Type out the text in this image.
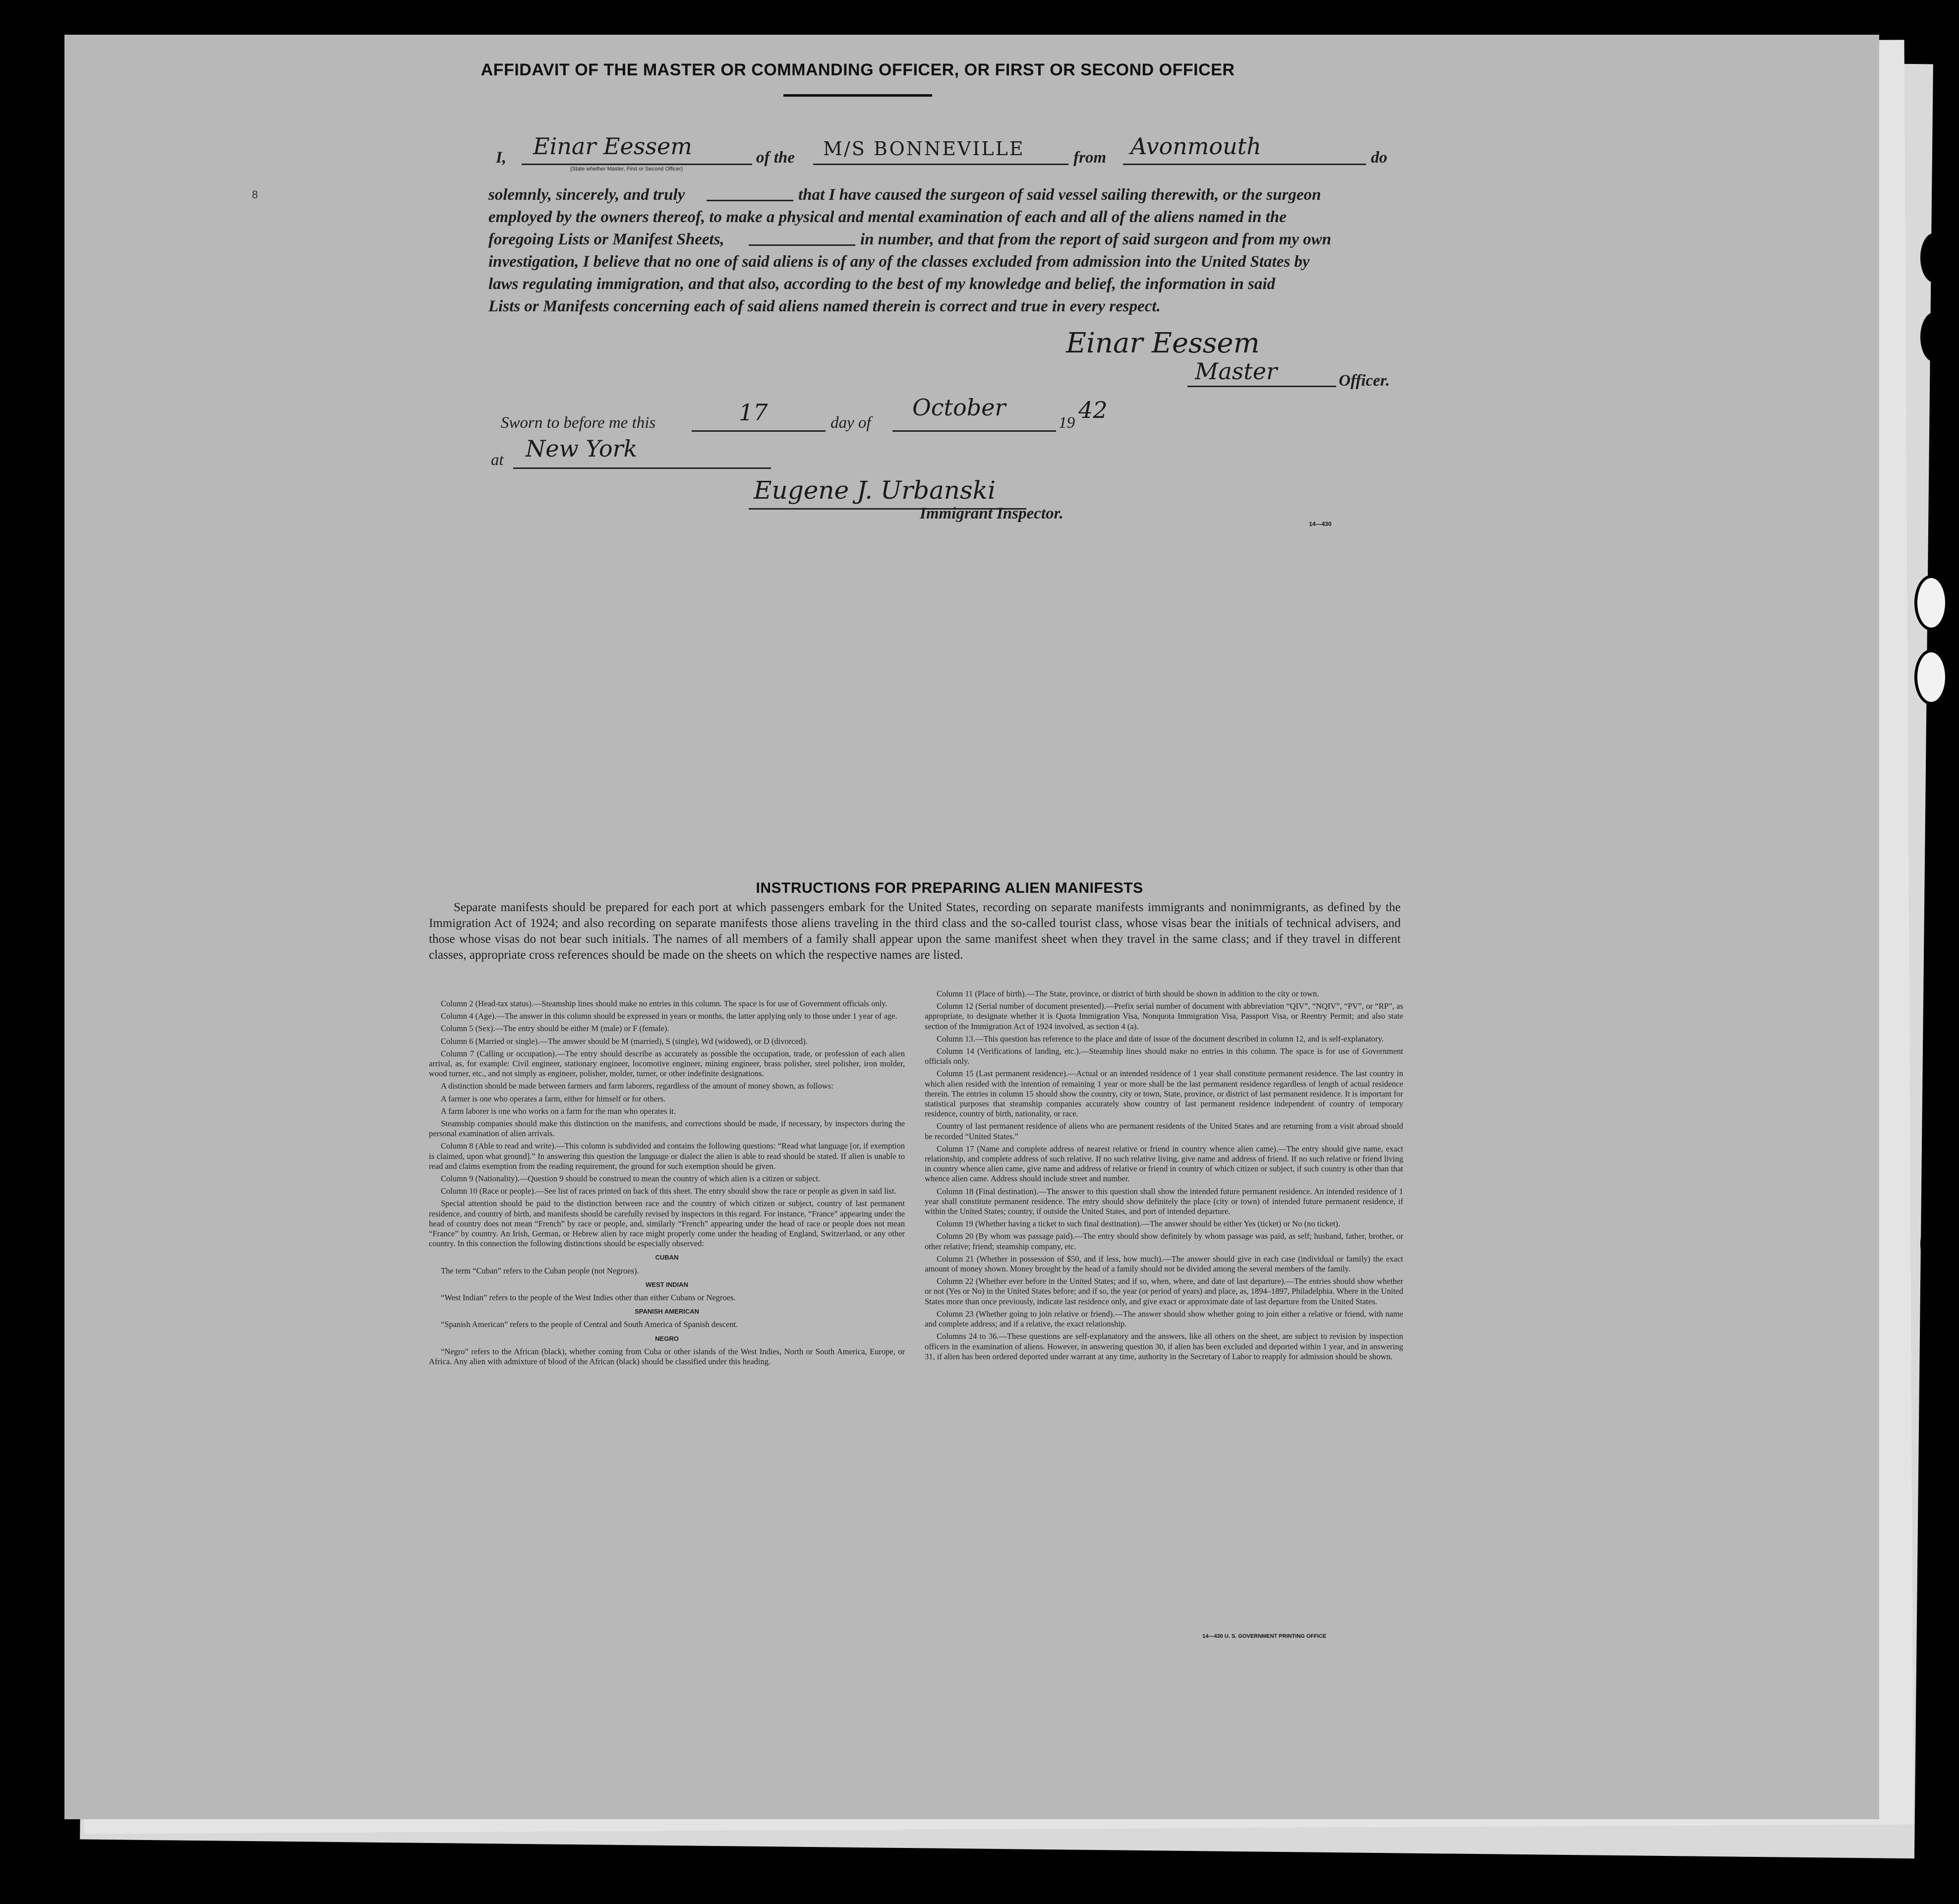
8
AFFIDAVIT OF THE MASTER OR COMMANDING OFFICER, OR FIRST OR SECOND OFFICER
I, Einar Eessem
(State whether Master, First or Second Officer)
of the M/S BONNEVILLE	from Avonmouth	do
solemnly, sincerely, and truly	that I have caused the surgeon of said vessel sailing therewith, or the surgeon
employed by the owners thereof, to make a physical and mental examination of each and all of the aliens named in the
foregoing Lists or Manifest Sheets,	in number, and that from the report of said surgeon and from my own
investigation, I believe that no one of said aliens is of any of the classes excluded from admission into the United States by
laws regulating immigration, and that also, according to the best of my knowledge and belief, the information in said
Lists or Manifests concerning each of said aliens named therein is correct and true in every respect.
Einar Eessem
Master	Officer.
Sworn to before me this	17	day of
October
19 42
at New York
Eugene J. Urbanski
Immigrant Inspector.
14—430
INSTRUCTIONS FOR PREPARING ALIEN MANIFESTS
Separate manifests should be prepared for each port at which passengers embark for the United States, recording on separate manifests immigrants and nonimmigrants, as defined by the Immigration Act of 1924; and also recording on separate manifests those aliens traveling in the third class and the so-called tourist class, whose visas bear the initials of technical advisers, and those whose visas do not bear such initials. The names of all members of a family shall appear upon the same manifest sheet when they travel in the same class; and if they travel in different classes, appropriate cross references should be made on the sheets on which the respective names are listed.

Column 2 (Head-tax status).—Steamship lines should make no entries in this column. The space is for use of Government officials only.

Column 4 (Age).—The answer in this column should be expressed in years or months, the latter applying only to those under 1 year of age.

Column 5 (Sex).—The entry should be either M (male) or F (female).

Column 6 (Married or single).—The answer should be M (married), S (single), Wd (widowed), or D (divorced).

Column 7 (Calling or occupation).—The entry should describe as accurately as possible the occupation, trade, or profession of each alien arrival, as, for example: Civil engineer, stationary engineer, locomotive engineer, mining engineer, brass polisher, steel polisher, iron molder, wood turner, etc., and not simply as engineer, polisher, molder, turner, or other indefinite designations.

A distinction should be made between farmers and farm laborers, regardless of the amount of money shown, as follows:

A farmer is one who operates a farm, either for himself or for others.

A farm laborer is one who works on a farm for the man who operates it.

Steamship companies should make this distinction on the manifests, and corrections should be made, if necessary, by inspectors during the personal examination of alien arrivals.

Column 8 (Able to read and write).—This column is subdivided and contains the following questions: “Read what language [or, if exemption is claimed, upon what ground].” In answering this question the language or dialect the alien is able to read should be stated. If alien is unable to read and claims exemption from the reading requirement, the ground for such exemption should be given.

Column 9 (Nationality).—Question 9 should be construed to mean the country of which alien is a citizen or subject.

Column 10 (Race or people).—See list of races printed on back of this sheet. The entry should show the race or people as given in said list.

Special attention should be paid to the distinction between race and the country of which citizen or subject, country of last permanent residence, and country of birth, and manifests should be carefully revised by inspectors in this regard. For instance, “France” appearing under the head of country does not mean “French” by race or people, and, similarly “French” appearing under the head of race or people does not mean “France” by country. An Irish, German, or Hebrew alien by race might properly come under the heading of England, Switzerland, or any other country. In this connection the following distinctions should be especially observed:

CUBAN

The term “Cuban” refers to the Cuban people (not Negroes).

WEST INDIAN

“West Indian” refers to the people of the West Indies other than either Cubans or Negroes.

SPANISH AMERICAN

“Spanish American” refers to the people of Central and South America of Spanish descent.

NEGRO

“Negro” refers to the African (black), whether coming from Cuba or other islands of the West Indies, North or South America, Europe, or Africa. Any alien with admixture of blood of the African (black) should be classified under this heading.

Column 11 (Place of birth).—The State, province, or district of birth should be shown in addition to the city or town.

Column 12 (Serial number of document presented).—Prefix serial number of document with abbreviation “QIV”, “NQIV”, “PV”, or “RP”, as appropriate, to designate whether it is Quota Immigration Visa, Nonquota Immigration Visa, Passport Visa, or Reentry Permit; and also state section of the Immigration Act of 1924 involved, as section 4 (a).

Column 13.—This question has reference to the place and date of issue of the document described in column 12, and is self-explanatory.

Column 14 (Verifications of landing, etc.).—Steamship lines should make no entries in this column. The space is for use of Government officials only.

Column 15 (Last permanent residence).—Actual or an intended residence of 1 year shall constitute permanent residence. The last country in which alien resided with the intention of remaining 1 year or more shall be the last permanent residence regardless of length of actual residence therein. The entries in column 15 should show the country, city or town, State, province, or district of last permanent residence. It is important for statistical purposes that steamship companies accurately show country of last permanent residence independent of country of temporary residence, country of birth, nationality, or race.

Country of last permanent residence of aliens who are permanent residents of the United States and are returning from a visit abroad should be recorded “United States.”

Column 17 (Name and complete address of nearest relative or friend in country whence alien came).—The entry should give name, exact relationship, and complete address of such relative. If no such relative living, give name and address of friend. If no such relative or friend living in country whence alien came, give name and address of relative or friend in country of which citizen or subject, if such country is other than that whence alien came. Address should include street and number.

Column 18 (Final destination).—The answer to this question shall show the intended future permanent residence. An intended residence of 1 year shall constitute permanent residence. The entry should show definitely the place (city or town) of intended future permanent residence, if within the United States; country, if outside the United States, and port of intended departure.

Column 19 (Whether having a ticket to such final destination).—The answer should be either Yes (ticket) or No (no ticket).

Column 20 (By whom was passage paid).—The entry should show definitely by whom passage was paid, as self; husband, father, brother, or other relative; friend; steamship company, etc.

Column 21 (Whether in possession of $50, and if less, how much).—The answer should give in each case (individual or family) the exact amount of money shown. Money brought by the head of a family should not be divided among the several members of the family.

Column 22 (Whether ever before in the United States; and if so, when, where, and date of last departure).—The entries should show whether or not (Yes or No) in the United States before; and if so, the year (or period of years) and place, as, 1894–1897, Philadelphia. Where in the United States more than once previously, indicate last residence only, and give exact or approximate date of last departure from the United States.

Column 23 (Whether going to join relative or friend).—The answer should show whether going to join either a relative or friend, with name and complete address; and if a relative, the exact relationship.

Columns 24 to 36.—These questions are self-explanatory and the answers, like all others on the sheet, are subject to revision by inspection officers in the examination of aliens. However, in answering question 30, if alien has been excluded and deported within 1 year, and in answering 31, if alien has been ordered deported under warrant at any time, authority in the Secretary of Labor to reapply for admission should be shown.

14—430 U. S. GOVERNMENT PRINTING OFFICE
